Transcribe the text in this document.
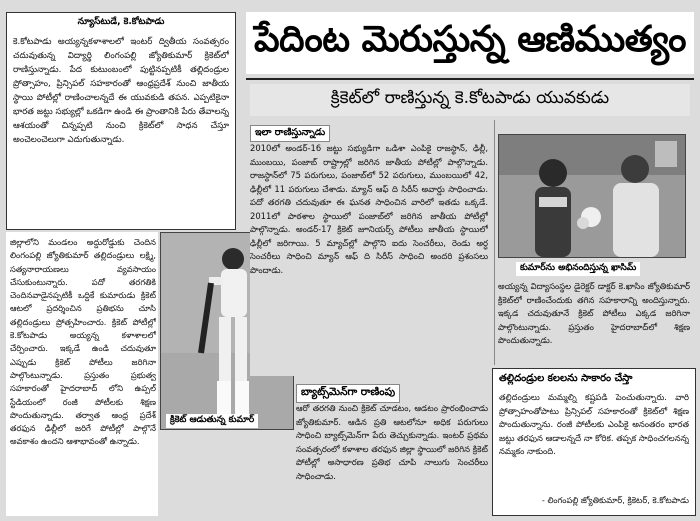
పేదింట మెరుస్తున్న ఆణిముత్యం
క్రికెట్‌లో రాణిస్తున్న కె.కోటపాడు యువకుడు
న్యూస్‌టుడే, కె.కోటపాడు
కె.కోటపాడు అయ్యన్నకళాశాలలో ఇంటర్ ద్వితీయ సంవత్సరం చదువుతున్న విద్యార్థి లింగంపల్లి జ్యోతికుమార్ క్రికెట్‌లో రాణిస్తున్నాడు. పేద కుటుంబంలో పుట్టినప్పటికీ తల్లిదండ్రుల ప్రోత్సాహం, ప్రిన్సిపల్ సహకారంతో ఆంధ్రప్రదేశ్ నుంచి జాతీయ స్థాయి పోటీల్లో రాణించాలన్నదే ఈ యువకుడి తపన. ఎప్పటికైనా భారత జట్టు సభ్యుల్లో ఒకడిగా ఉండి ఈ ప్రాంతానికి పేరు తేవాలన్న ఆశయంతో చిన్నప్పటి నుంచి క్రికెట్‌లో సాధన చేస్తూ అంచెలంచెలుగా ఎదుగుతున్నాడు.
జిల్లాలోని మండలం అద్దురోడ్డుకు చెందిన లింగంపల్లి జ్యోతికుమార్ తల్లిదండ్రులు లక్ష్మి, సత్యనారాయణలు వ్యవసాయం చేసుకుంటున్నారు. పదో తరగతికి చెందినవాడైనప్పటికీ ఒద్దికే కుమారుడు క్రికెట్ ఆటలో ప్రదర్శించిన ప్రతిభను చూసి తల్లిదండ్రులు ప్రోత్సహించారు. క్రికెట్ పోటీల్లో కె.కోటపాడు అయ్యన్న కళాశాలలో చేర్పించారు. ఇక్కడే ఉండి చదువుతూ ఎప్పుడు క్రికెట్ పోటీలు జరిగినా పాల్గొంటున్నాడు. ప్రస్తుతం ప్రభుత్వ సహకారంతో హైదరాబాద్ లోని ఉప్పల్ స్టేడియంలో రంజీ పోటీలకు శిక్షణ పొందుతున్నాడు. తర్వాత ఆంధ్ర ప్రదేశ్ తరఫున ఢిల్లీలో జరిగే పోటీల్లో పాల్గొనే అవకాశం ఉందని ఆశాభావంతో ఉన్నాడు.
క్రికెట్ ఆడుతున్న కుమార్
ఇలా రాణిస్తున్నాడు
2010లో అండర్-16 జట్టు సభ్యుడిగా ఒడిశా ఎంపికై రాజస్థాన్, ఢిల్లీ, ముంబయి, పంజాబ్ రాష్ట్రాల్లో జరిగిన జాతీయ పోటీల్లో పాల్గొన్నాడు. రాజస్థాన్‌లో 75 పరుగులు, పంజాబ్‌లో 52 పరుగులు, ముంబయిలో 42, ఢిల్లీలో 11 పరుగులు చేశాడు. మ్యాన్ ఆఫ్ ది సిరీస్ అవార్డు సాధించాడు. పదో తరగతి చదువుతూ ఈ ఘనత సాధించిన వారిలో ఇతడు ఒక్కడే. 2011లో పాఠశాల స్థాయిలో పంజాబ్‌లో జరిగిన జాతీయ పోటీల్లో పాల్గొన్నాడు. అండర్-17 క్రికెట్ జూనియర్స్ పోటీలు జాతీయ స్థాయిలో ఢిల్లీలో జరిగాయి. 5 మ్యాచ్‌ల్లో పాల్గొని ఐదు సెంచరీలు, రెండు అర్ధ సెంచరీలు సాధించి మ్యాన్ ఆఫ్ ది సిరీస్ సాధించి అందరి ప్రశంసలు పొందాడు.
బ్యాట్స్‌మెన్‌గా రాణింపు
ఆరో తరగతి నుంచి క్రికెట్ చూడటం, ఆడటం ప్రారంభించాడు జ్యోతికుమార్. ఆడిన ప్రతి ఆటలోనూ అధిక పరుగులు సాధించి బ్యాట్స్‌మెన్‌గా పేరు తెచ్చుకున్నాడు. ఇంటర్ ప్రథమ సంవత్సరంలో కళాశాల తరఫున జిల్లా స్థాయిలో జరిగిన క్రికెట్ పోటీల్లో అసాధారణ ప్రతిభ చూపి నాలుగు సెంచరీలు సాధించాడు.
కుమార్‌ను అభినందిస్తున్న ఖాసిమ్
అయ్యన్న విద్యాసంస్థల డైరెక్టర్ డాక్టర్ కె.ఖాసిం జ్యోతికుమార్ క్రికెట్‌లో రాణించేందుకు తగిన సహకారాన్ని అందిస్తున్నారు. ఇక్కడ చదువుతూనే క్రికెట్ పోటీలు ఎక్కడ జరిగినా పాల్గొంటున్నాడు. ప్రస్తుతం హైదరాబాద్‌లో శిక్షణ పొందుతున్నాడు.
తల్లిదండ్రుల కలలను సాకారం చేస్తా
తల్లిదండ్రులు మమ్మల్ని కష్టపడి పెంచుతున్నారు. వారి ప్రోత్సాహంతోపాటు ప్రిన్సిపల్ సహకారంతో క్రికెట్‌లో శిక్షణ పొందుతున్నాను. రంజీ పోటీలకు ఎంపికై అనంతరం భారత జట్టు తరఫున ఆడాలన్నదే నా కోరిక. తప్పక సాధించగలనన్న నమ్మకం నాకుంది.
- లింగంపల్లి జ్యోతికుమార్, క్రికెటర్, కె.కోటపాడు
